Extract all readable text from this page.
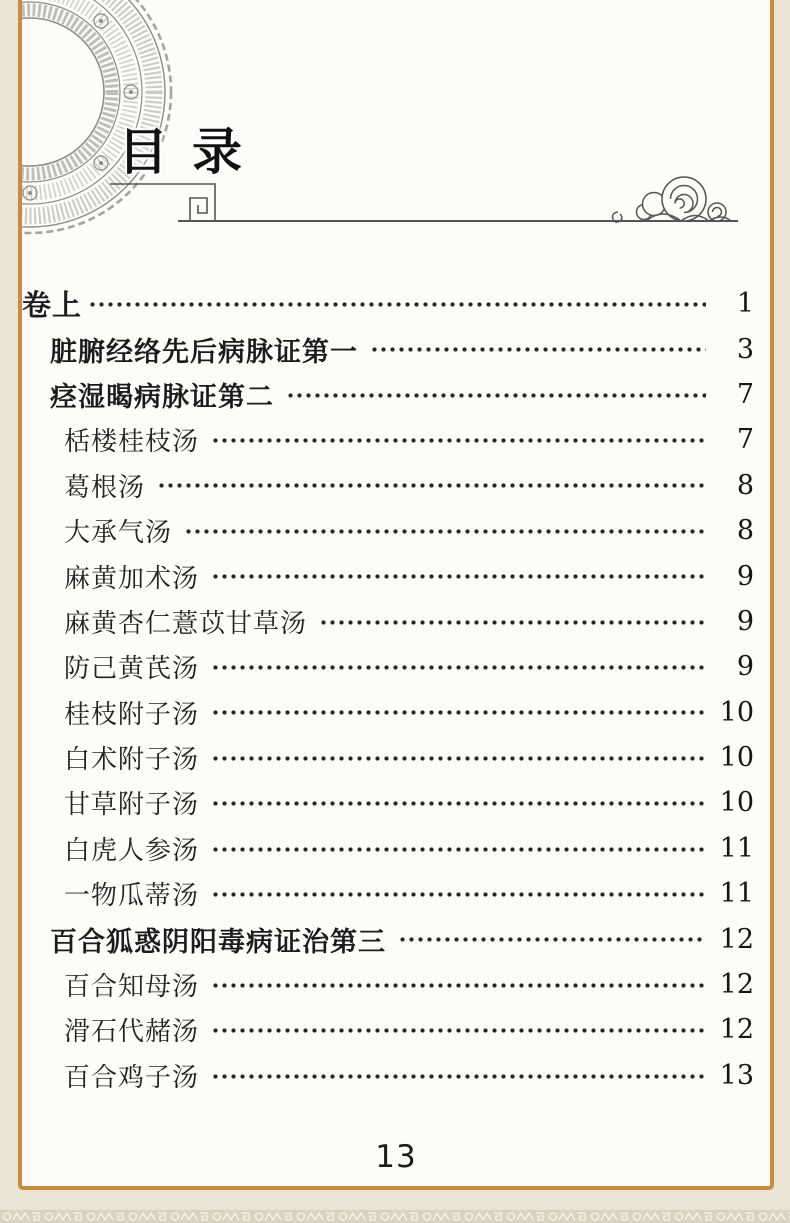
目录
卷上	1
脏腑经络先后病脉证第一	3
痉湿暍病脉证第二	7
栝楼桂枝汤	7
葛根汤	8
大承气汤	8
麻黄加术汤	9
麻黄杏仁薏苡甘草汤	9
防己黄芪汤	9
桂枝附子汤	10
白术附子汤	10
甘草附子汤	10
白虎人参汤	11
一物瓜蒂汤	11
百合狐惑阴阳毒病证治第三	12
百合知母汤	12
滑石代赭汤	12
百合鸡子汤	13
13
